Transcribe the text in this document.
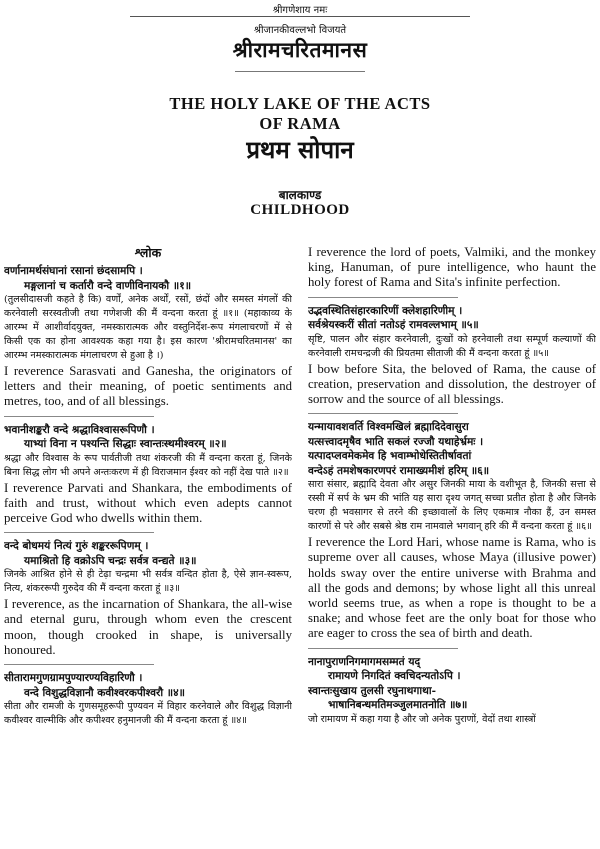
श्रीगणेशाय नमः
श्रीजानकीवल्लभो विजयते
श्रीरामचरितमानस
THE HOLY LAKE OF THE ACTS
OF RAMA
प्रथम सोपान
बालकाण्ड
CHILDHOOD
श्लोक
वर्णानामर्थसंघानां रसानां छंदसामपि ।
मङ्गलानां च कर्तारौ वन्दे वाणीविनायकौ ॥१॥
(तुलसीदासजी कहते है कि) वर्णों, अनेक अर्थों, रसों, छंदों और समस्त मंगलों की करनेवाली सरस्वतीजी तथा गणेशजी की मैं वन्दना करता हूं ॥१॥ (महाकाव्य के आरम्भ में आशीर्वादयुक्त, नमस्कारात्मक और वस्तुनिर्देश-रूप मंगलाचरणों में से किसी एक का होना आवश्यक कहा गया है। इस कारण 'श्रीरामचरितमानस' का आरम्भ नमस्कारात्मक मंगलाचरण से हुआ है ।)
I reverence Sarasvati and Ganesha, the originators of letters and their meaning, of poetic sentiments and metres, too, and of all blessings.
भवानीशङ्करौ वन्दे श्रद्धाविश्वासरूपिणौ ।
याभ्यां विना न पश्यन्ति सिद्धाः स्वान्तःस्थमीश्वरम् ॥२॥
श्रद्धा और विश्वास के रूप पार्वतीजी तथा शंकरजी की मैं वन्दना करता हूं, जिनके बिना सिद्ध लोग भी अपने अन्तःकरण में ही विराजमान ईश्वर को नहीं देख पाते ॥२॥
I reverence Parvati and Shankara, the embodiments of faith and trust, without which even adepts cannot perceive God who dwells within them.
वन्दे बोधमयं नित्यं गुरुं शङ्कररूपिणम् ।
यमाश्रितो हि वक्रोऽपि चन्द्रः सर्वत्र वन्द्यते ॥३॥
जिनके आश्रित होने से ही टेढ़ा चन्द्रमा भी सर्वत्र वन्दित होता है, ऐसे ज्ञान-स्वरूप, नित्य, शंकररूपी गुरुदेव की मैं वन्दना करता हूं ॥३॥
I reverence, as the incarnation of Shankara, the all-wise and eternal guru, through whom even the crescent moon, though crooked in shape, is universally honoured.
सीतारामगुणग्रामपुण्यारण्यविहारिणौ ।
वन्दे विशुद्धविज्ञानौ कवीश्वरकपीश्वरौ ॥४॥
सीता और रामजी के गुणसमूहरूपी पुण्यवन में विहार करनेवाले और विशुद्ध विज्ञानी कवीश्वर वाल्मीकि और कपीश्वर हनुमानजी की मैं वन्दना करता हूं ॥४॥
I reverence the lord of poets, Valmiki, and the monkey king, Hanuman, of pure intelligence, who haunt the holy forest of Rama and Sita's infinite perfection.
उद्भवस्थितिसंहारकारिणीं क्लेशहारिणीम् ।
सर्वश्रेयस्करीं सीतां नतोऽहं रामवल्लभाम् ॥५॥
सृष्टि, पालन और संहार करनेवाली, दुःखों को हरनेवाली तथा सम्पूर्ण कल्याणों की करनेवाली रामचन्द्रजी की प्रियतमा सीताजी की मैं वन्दना करता हूं ॥५॥
I bow before Sita, the beloved of Rama, the cause of creation, preservation and dissolution, the destroyer of sorrow and the source of all blessings.
यन्मायावशवर्ति विश्वमखिलं ब्रह्मादिदेवासुरा
यत्सत्त्वादमृषैव भाति सकलं रज्जौ यथाहेर्भ्रमः ।
यत्पादप्लवमेकमेव हि भवाम्भोधेस्तितीर्षावतां
वन्देऽहं तमशेषकारणपरं रामाख्यमीशं हरिम् ॥६॥
सारा संसार, ब्रह्मादि देवता और असुर जिनकी माया के वशीभूत है, जिनकी सत्ता से रस्सी में सर्प के भ्रम की भांति यह सारा दृश्य जगत् सच्चा प्रतीत होता है और जिनके चरण ही भवसागर से तरने की इच्छावालों के लिए एकमात्र नौका हैं, उन समस्त कारणों से परे और सबसे श्रेष्ठ राम नामवाले भगवान् हरि की मैं वन्दना करता हूं ॥६॥
I reverence the Lord Hari, whose name is Rama, who is supreme over all causes, whose Maya (illusive power) holds sway over the entire universe with Brahma and all the gods and demons; by whose light all this unreal world seems true, as when a rope is thought to be a snake; and whose feet are the only boat for those who are eager to cross the sea of birth and death.
नानापुराणनिगमागमसम्मतं यद्
रामायणे निगदितं क्वचिदन्यतोऽपि ।
स्वान्तःसुखाय तुलसी रघुनाथगाथा-
भाषानिबन्धमतिमञ्जुलमातनोति ॥७॥
जो रामायण में कहा गया है और जो अनेक पुराणों, वेदों तथा शास्त्रों
